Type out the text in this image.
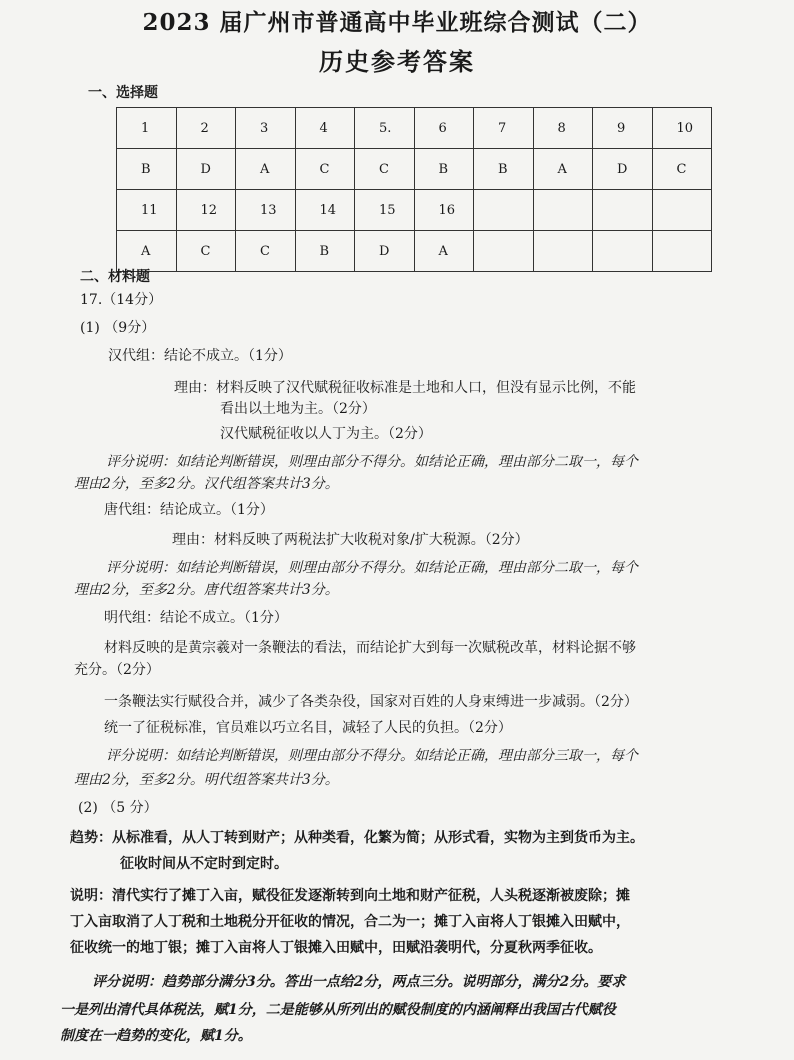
2023 届广州市普通高中毕业班综合测试（二）
历史参考答案
一、选择题
1	2	3	4	5.	6	7	8	9	10
B	D	A	C	C	B	B	A	D	C
11	12	13	14	15	16				
A	C	C	B	D	A				
二、材料题
17.（14分）
(1) （9分）
汉代组：结论不成立。（1分）
理由：材料反映了汉代赋税征收标准是土地和人口，但没有显示比例，不能
看出以土地为主。（2分）
汉代赋税征收以人丁为主。（2分）
评分说明：如结论判断错误，则理由部分不得分。如结论正确，理由部分二取一，每个
理由2分，至多2分。汉代组答案共计3分。
唐代组：结论成立。（1分）
理由：材料反映了两税法扩大收税对象/扩大税源。（2分）
评分说明：如结论判断错误，则理由部分不得分。如结论正确，理由部分二取一，每个
理由2分，至多2分。唐代组答案共计3分。
明代组：结论不成立。（1分）
材料反映的是黄宗羲对一条鞭法的看法，而结论扩大到每一次赋税改革，材料论据不够
充分。（2分）
一条鞭法实行赋役合并，减少了各类杂役，国家对百姓的人身束缚进一步减弱。（2分）
统一了征税标准，官员难以巧立名目，减轻了人民的负担。（2分）
评分说明：如结论判断错误，则理由部分不得分。如结论正确，理由部分三取一，每个
理由2分，至多2分。明代组答案共计3分。
(2) （5 分）
趋势：从标准看，从人丁转到财产；从种类看，化繁为简；从形式看，实物为主到货币为主。
征收时间从不定时到定时。
说明：清代实行了摊丁入亩，赋役征发逐渐转到向土地和财产征税，人头税逐渐被废除；摊
丁入亩取消了人丁税和土地税分开征收的情况，合二为一；摊丁入亩将人丁银摊入田赋中，
征收统一的地丁银；摊丁入亩将人丁银摊入田赋中，田赋沿袭明代，分夏秋两季征收。
评分说明：趋势部分满分3分。答出一点给2分，两点三分。说明部分，满分2分。要求
一是列出清代具体税法，赋1分，二是能够从所列出的赋役制度的内涵阐释出我国古代赋役
制度在一趋势的变化，赋1分。
